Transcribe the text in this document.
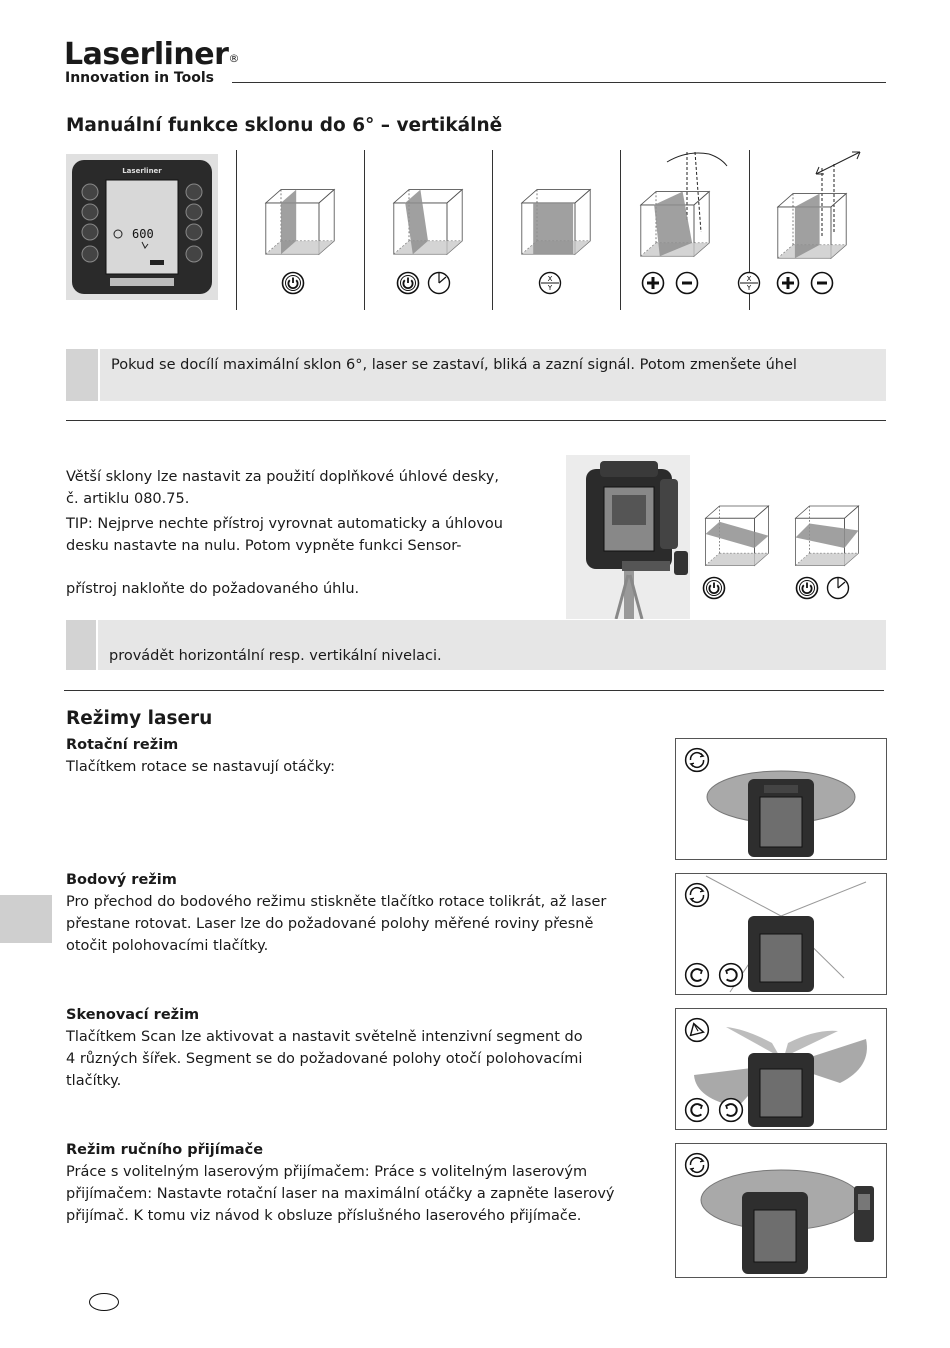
Laserliner®
Innovation in Tools
Manuální funkce sklonu do 6° – vertikálně
Laserliner
600
Pokud se docílí maximální sklon 6°, laser se zastaví, bliká a zazní signál. Potom zmenšete úhel

Větší sklony lze nastavit za použití doplňkové úhlové desky,

č. artiklu 080.75.

TIP: Nejprve nechte přístroj vyrovnat automaticky a úhlovou

desku nastavte na nulu. Potom vypněte funkci Sensor-

přístroj nakloňte do požadovaného úhlu.

provádět horizontální resp. vertikální nivelaci.
Režimy laseru
Rotační režim

Tlačítkem rotace se nastavují otáčky:

Bodový režim

Pro přechod do bodového režimu stiskněte tlačítko rotace tolikrát, až laser

přestane rotovat. Laser lze do požadované polohy měřené roviny přesně

otočit polohovacími tlačítky.

Skenovací režim

Tlačítkem Scan lze aktivovat a nastavit světelně intenzivní segment do

4 různých šířek. Segment se do požadované polohy otočí polohovacími

tlačítky.

Režim ručního přijímače

Práce s volitelným laserovým přijímačem: Práce s volitelným laserovým

přijímačem: Nastavte rotační laser na maximální otáčky a zapněte laserový

přijímač. K tomu viz návod k obsluze příslušného laserového přijímače.
